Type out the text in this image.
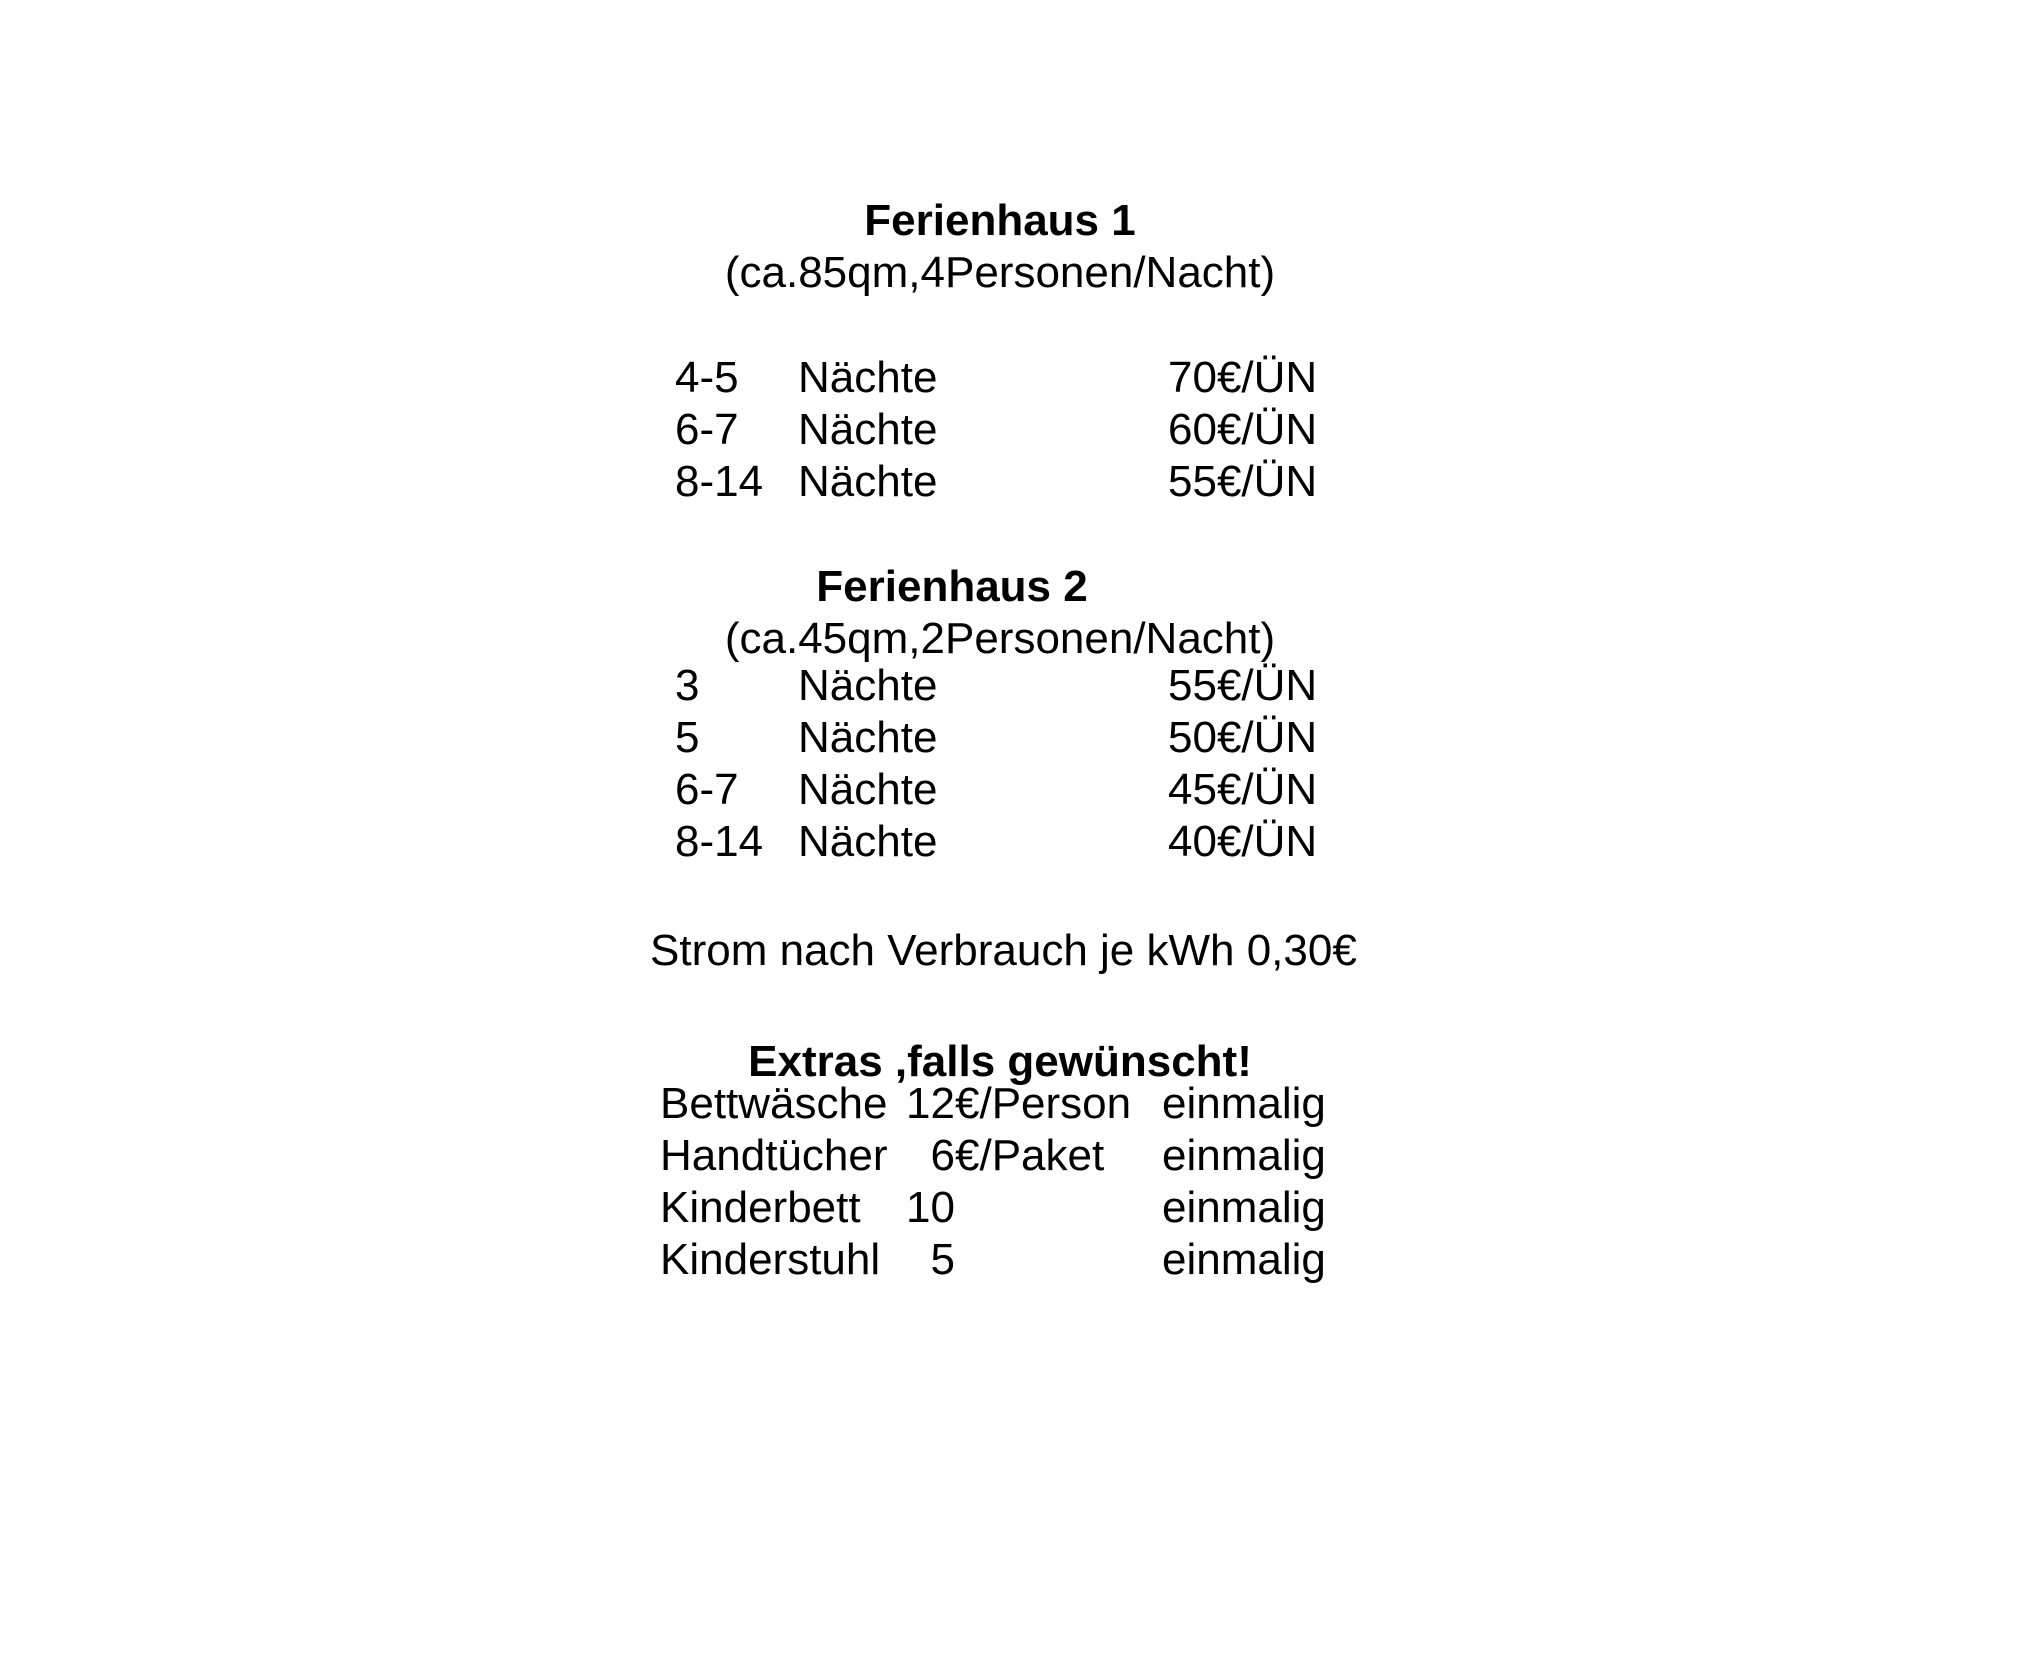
Ferienhaus 1
(ca.85qm,4Personen/Nacht)
4-5	Nächte	70€/ÜN
6-7	Nächte	60€/ÜN
8-14 Nächte	55€/ÜN
Ferienhaus 2
(ca.45qm,2Personen/Nacht)
3	Nächte	55€/ÜN
5	Nächte	50€/ÜN
6-7	Nächte	45€/ÜN
8-14 Nächte	40€/ÜN
Strom nach Verbrauch je kWh 0,30€
Extras ,falls gewünscht!
Bettwäsche 12 €/Person einmalig
Handtücher 6 €/Paket	einmalig
Kinderbett	10	einmalig
Kinderstuhl	5	einmalig
